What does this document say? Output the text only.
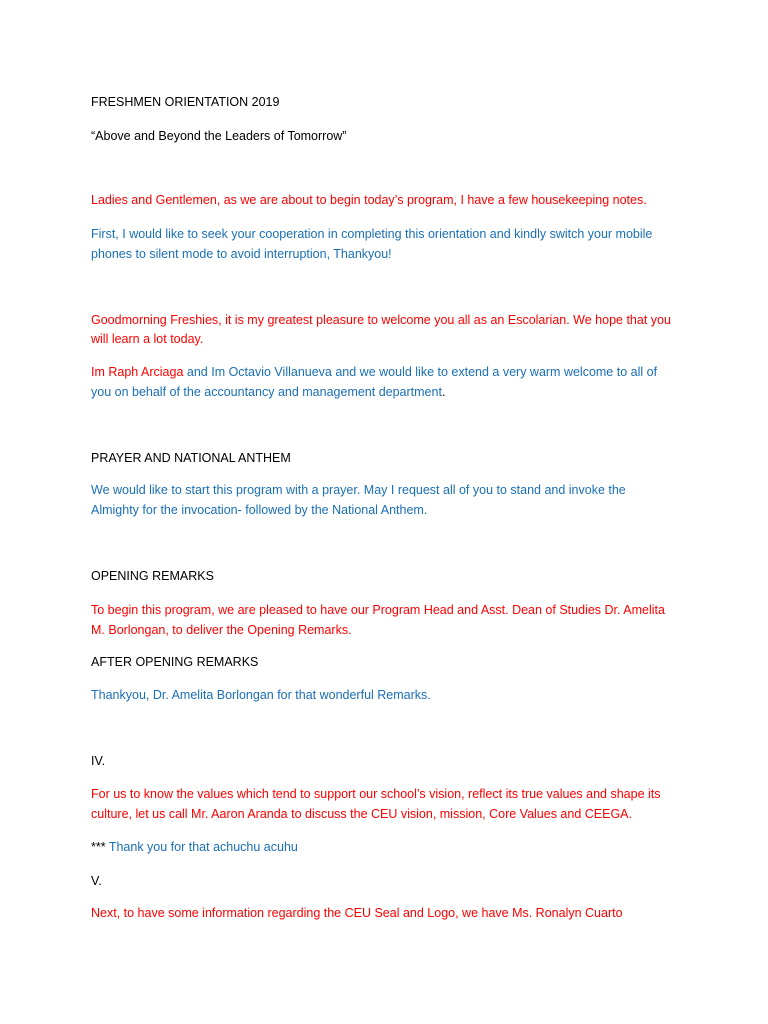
FRESHMEN ORIENTATION 2019
“Above and Beyond the Leaders of Tomorrow”
Ladies and Gentlemen, as we are about to begin today’s program, I have a few housekeeping notes.
First, I would like to seek your cooperation in completing this orientation and kindly switch your mobile
phones to silent mode to avoid interruption, Thankyou!
Goodmorning Freshies, it is my greatest pleasure to welcome you all as an Escolarian. We hope that you
will learn a lot today.
Im Raph Arciaga and Im Octavio Villanueva and we would like to extend a very warm welcome to all of
you on behalf of the accountancy and management department.
PRAYER AND NATIONAL ANTHEM
We would like to start this program with a prayer. May I request all of you to stand and invoke the
Almighty for the invocation- followed by the National Anthem.
OPENING REMARKS
To begin this program, we are pleased to have our Program Head and Asst. Dean of Studies Dr. Amelita
M. Borlongan, to deliver the Opening Remarks.
AFTER OPENING REMARKS
Thankyou, Dr. Amelita Borlongan for that wonderful Remarks.
IV.
For us to know the values which tend to support our school’s vision, reflect its true values and shape its
culture, let us call Mr. Aaron Aranda to discuss the CEU vision, mission, Core Values and CEEGA.
*** Thank you for that achuchu acuhu
V.
Next, to have some information regarding the CEU Seal and Logo, we have Ms. Ronalyn Cuarto
